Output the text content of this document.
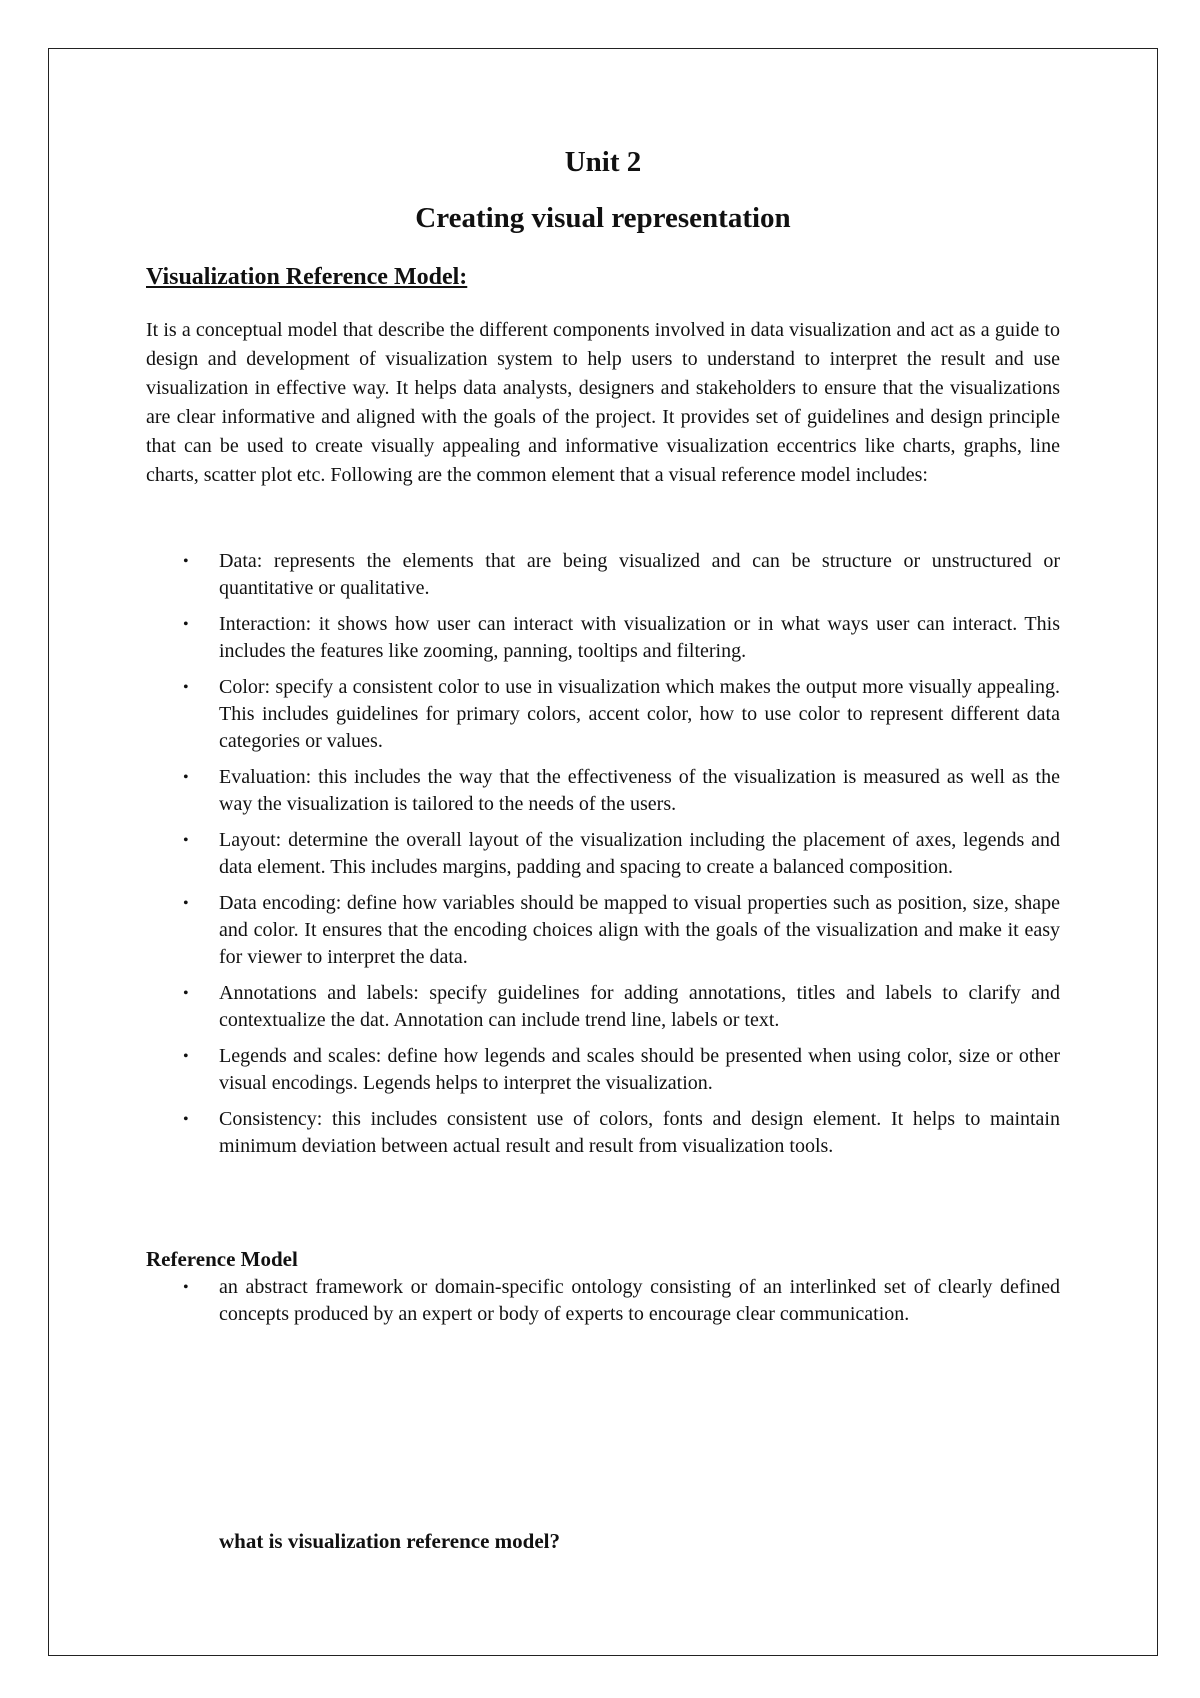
Unit 2
Creating visual representation
Visualization Reference Model:

It is a conceptual model that describe the different components involved in data visualization and act as a guide to design and development of visualization system to help users to understand to interpret the result and use visualization in effective way. It helps data analysts, designers and stakeholders to ensure that the visualizations are clear informative and aligned with the goals of the project. It provides set of guidelines and design principle that can be used to create visually appealing and informative visualization eccentrics like charts, graphs, line charts, scatter plot etc. Following are the common element that a visual reference model includes:

• Data: represents the elements that are being visualized and can be structure or unstructured or quantitative or qualitative.
• Interaction: it shows how user can interact with visualization or in what ways user can interact. This includes the features like zooming, panning, tooltips and filtering.
• Color: specify a consistent color to use in visualization which makes the output more visually appealing. This includes guidelines for primary colors, accent color, how to use color to represent different data categories or values.
• Evaluation: this includes the way that the effectiveness of the visualization is measured as well as the way the visualization is tailored to the needs of the users.
• Layout: determine the overall layout of the visualization including the placement of axes, legends and data element. This includes margins, padding and spacing to create a balanced composition.
• Data encoding: define how variables should be mapped to visual properties such as position, size, shape and color. It ensures that the encoding choices align with the goals of the visualization and make it easy for viewer to interpret the data.
• Annotations and labels: specify guidelines for adding annotations, titles and labels to clarify and contextualize the dat. Annotation can include trend line, labels or text.
• Legends and scales: define how legends and scales should be presented when using color, size or other visual encodings. Legends helps to interpret the visualization.
• Consistency: this includes consistent use of colors, fonts and design element. It helps to maintain minimum deviation between actual result and result from visualization tools.

Reference Model

• an abstract framework or domain-specific ontology consisting of an interlinked set of clearly defined concepts produced by an expert or body of experts to encourage clear communication.

what is visualization reference model?
